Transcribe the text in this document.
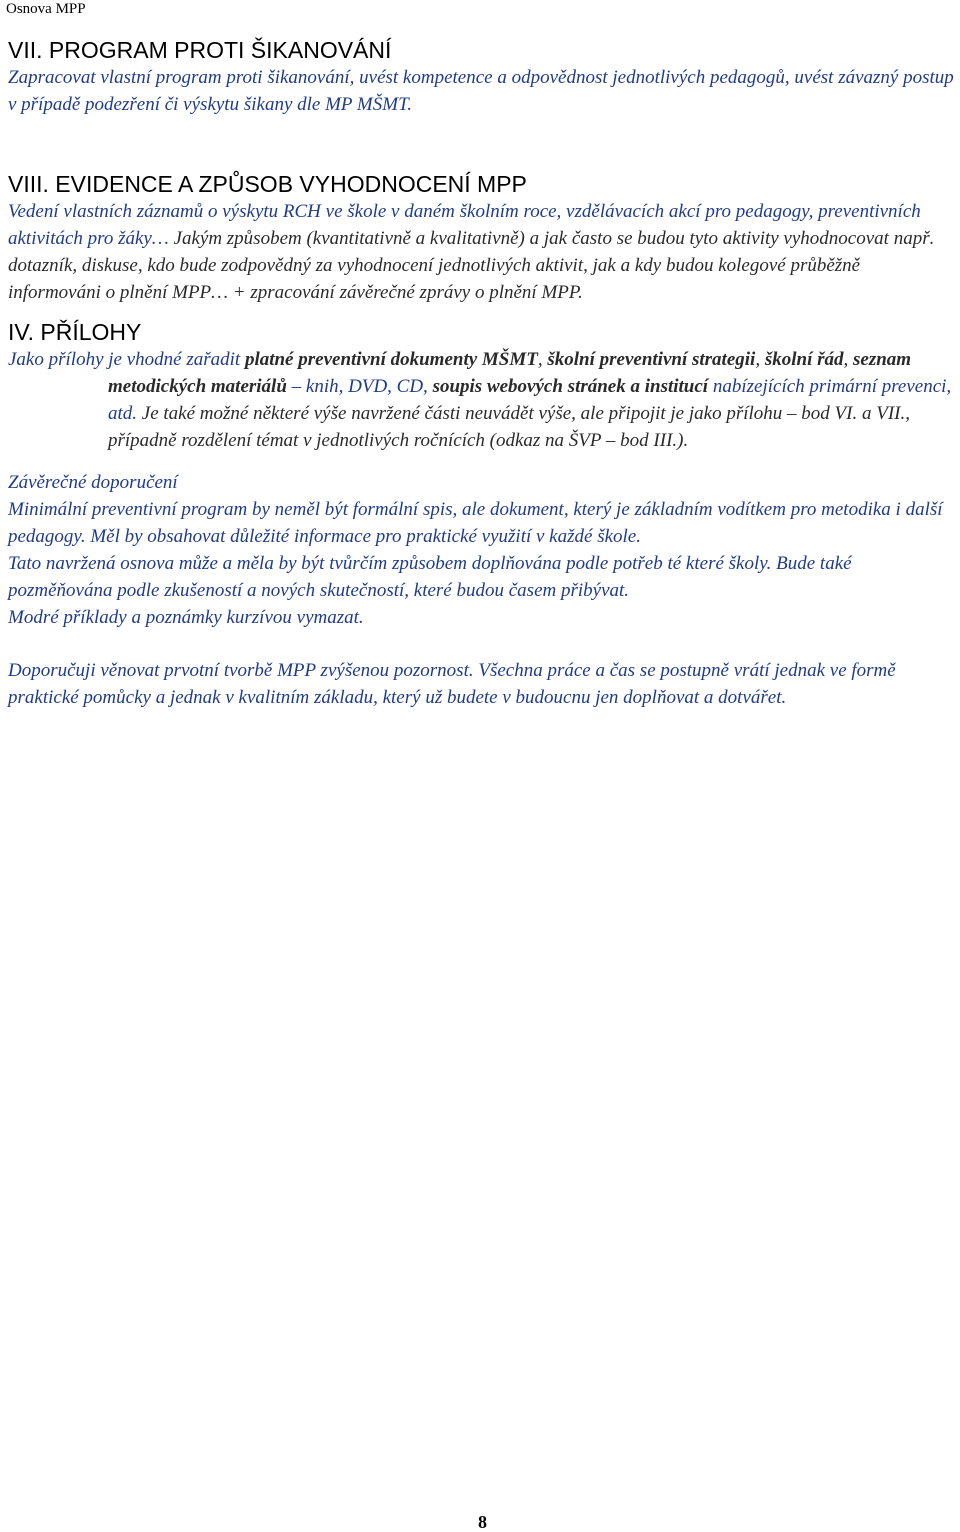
Osnova MPP
VII. PROGRAM PROTI ŠIKANOVÁNÍ

Zapracovat vlastní program proti šikanování, uvést kompetence a odpovědnost jednotlivých pedagogů, uvést závazný postup v případě podezření či výskytu šikany dle MP MŠMT.

VIII. EVIDENCE A ZPŮSOB VYHODNOCENÍ MPP

Vedení vlastních záznamů o výskytu RCH ve škole v daném školním roce, vzdělávacích akcí pro pedagogy, preventivních aktivitách pro žáky… Jakým způsobem (kvantitativně a kvalitativně) a jak často se budou tyto aktivity vyhodnocovat např. dotazník, diskuse, kdo bude zodpovědný za vyhodnocení jednotlivých aktivit, jak a kdy budou kolegové průběžně informováni o plnění MPP… + zpracování závěrečné zprávy o plnění MPP.

IV. PŘÍLOHY

Jako přílohy je vhodné zařadit platné preventivní dokumenty MŠMT, školní preventivní strategii, školní řád, seznam metodických materiálů – knih, DVD, CD, soupis webových stránek a institucí nabízejících primární prevenci, atd. Je také možné některé výše navržené části neuvádět výše, ale připojit je jako přílohu – bod VI. a VII., případně rozdělení témat v jednotlivých ročnících (odkaz na ŠVP – bod III.).

Závěrečné doporučení

Minimální preventivní program by neměl být formální spis, ale dokument, který je základním vodítkem pro metodika i další pedagogy. Měl by obsahovat důležité informace pro praktické využití v každé škole.

Tato navržená osnova může a měla by být tvůrčím způsobem doplňována podle potřeb té které školy. Bude také pozměňována podle zkušeností a nových skutečností, které budou časem přibývat.

Modré příklady a poznámky kurzívou vymazat.

Doporučuji věnovat prvotní tvorbě MPP zvýšenou pozornost. Všechna práce a čas se postupně vrátí jednak ve formě praktické pomůcky a jednak v kvalitním základu, který už budete v budoucnu jen doplňovat a dotvářet.

8
